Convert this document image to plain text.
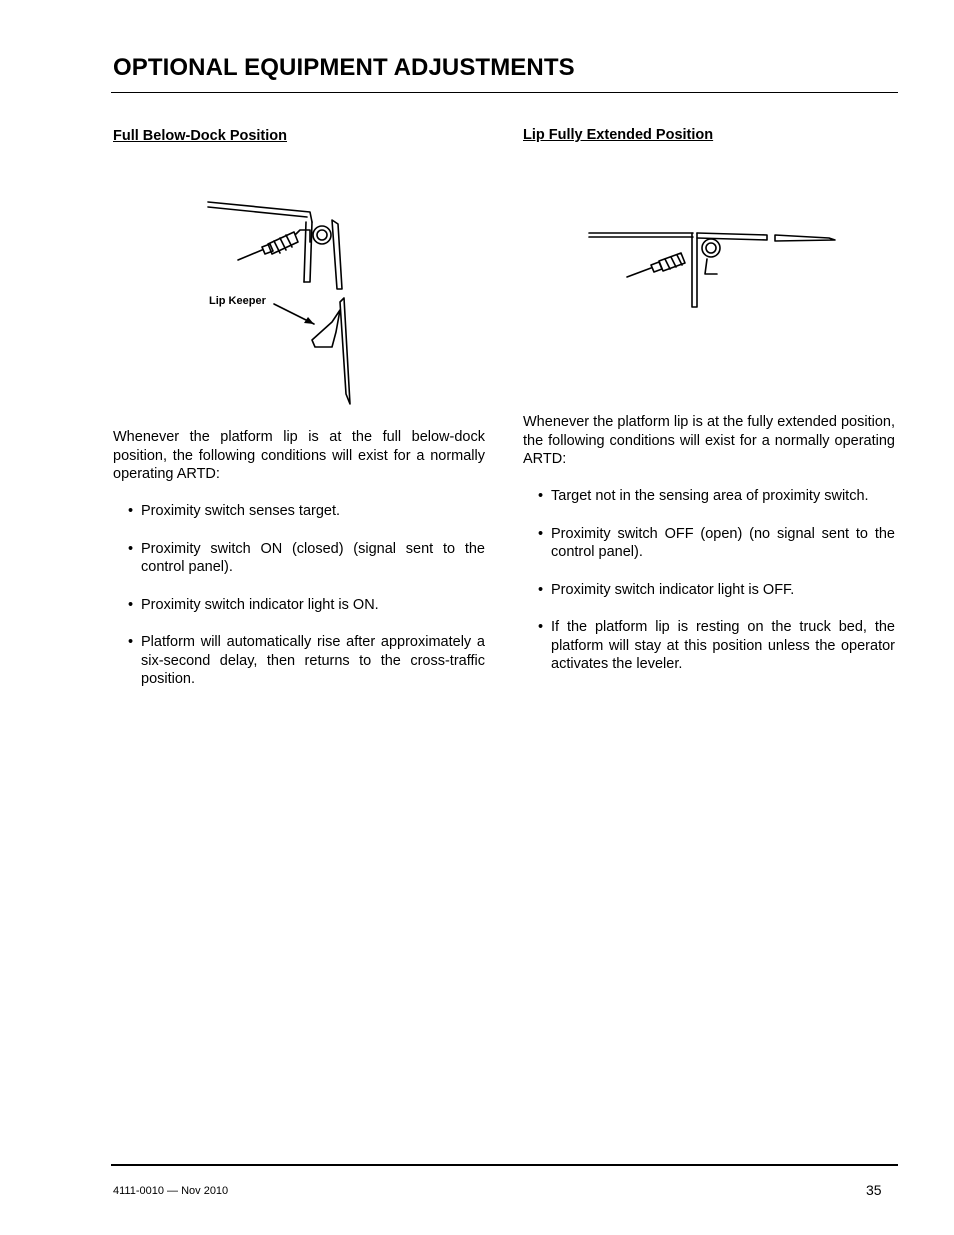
OPTIONAL EQUIPMENT ADJUSTMENTS
Full Below-Dock Position
Lip Keeper

Whenever the platform lip is at the full below-dock position, the following conditions will exist for a normally operating ARTD:

• Proximity switch senses target.
• Proximity switch ON (closed) (signal sent to the control panel).
• Proximity switch indicator light is ON.
• Platform will automatically rise after approximately a six-second delay, then returns to the cross-traffic position.
Lip Fully Extended Position

Whenever the platform lip is at the fully extended position, the following conditions will exist for a normally operating ARTD:

• Target not in the sensing area of proximity switch.
• Proximity switch OFF (open) (no signal sent to the control panel).
• Proximity switch indicator light is OFF.
• If the platform lip is resting on the truck bed, the platform will stay at this position unless the operator activates the leveler.
4111-0010 — Nov 2010	35
